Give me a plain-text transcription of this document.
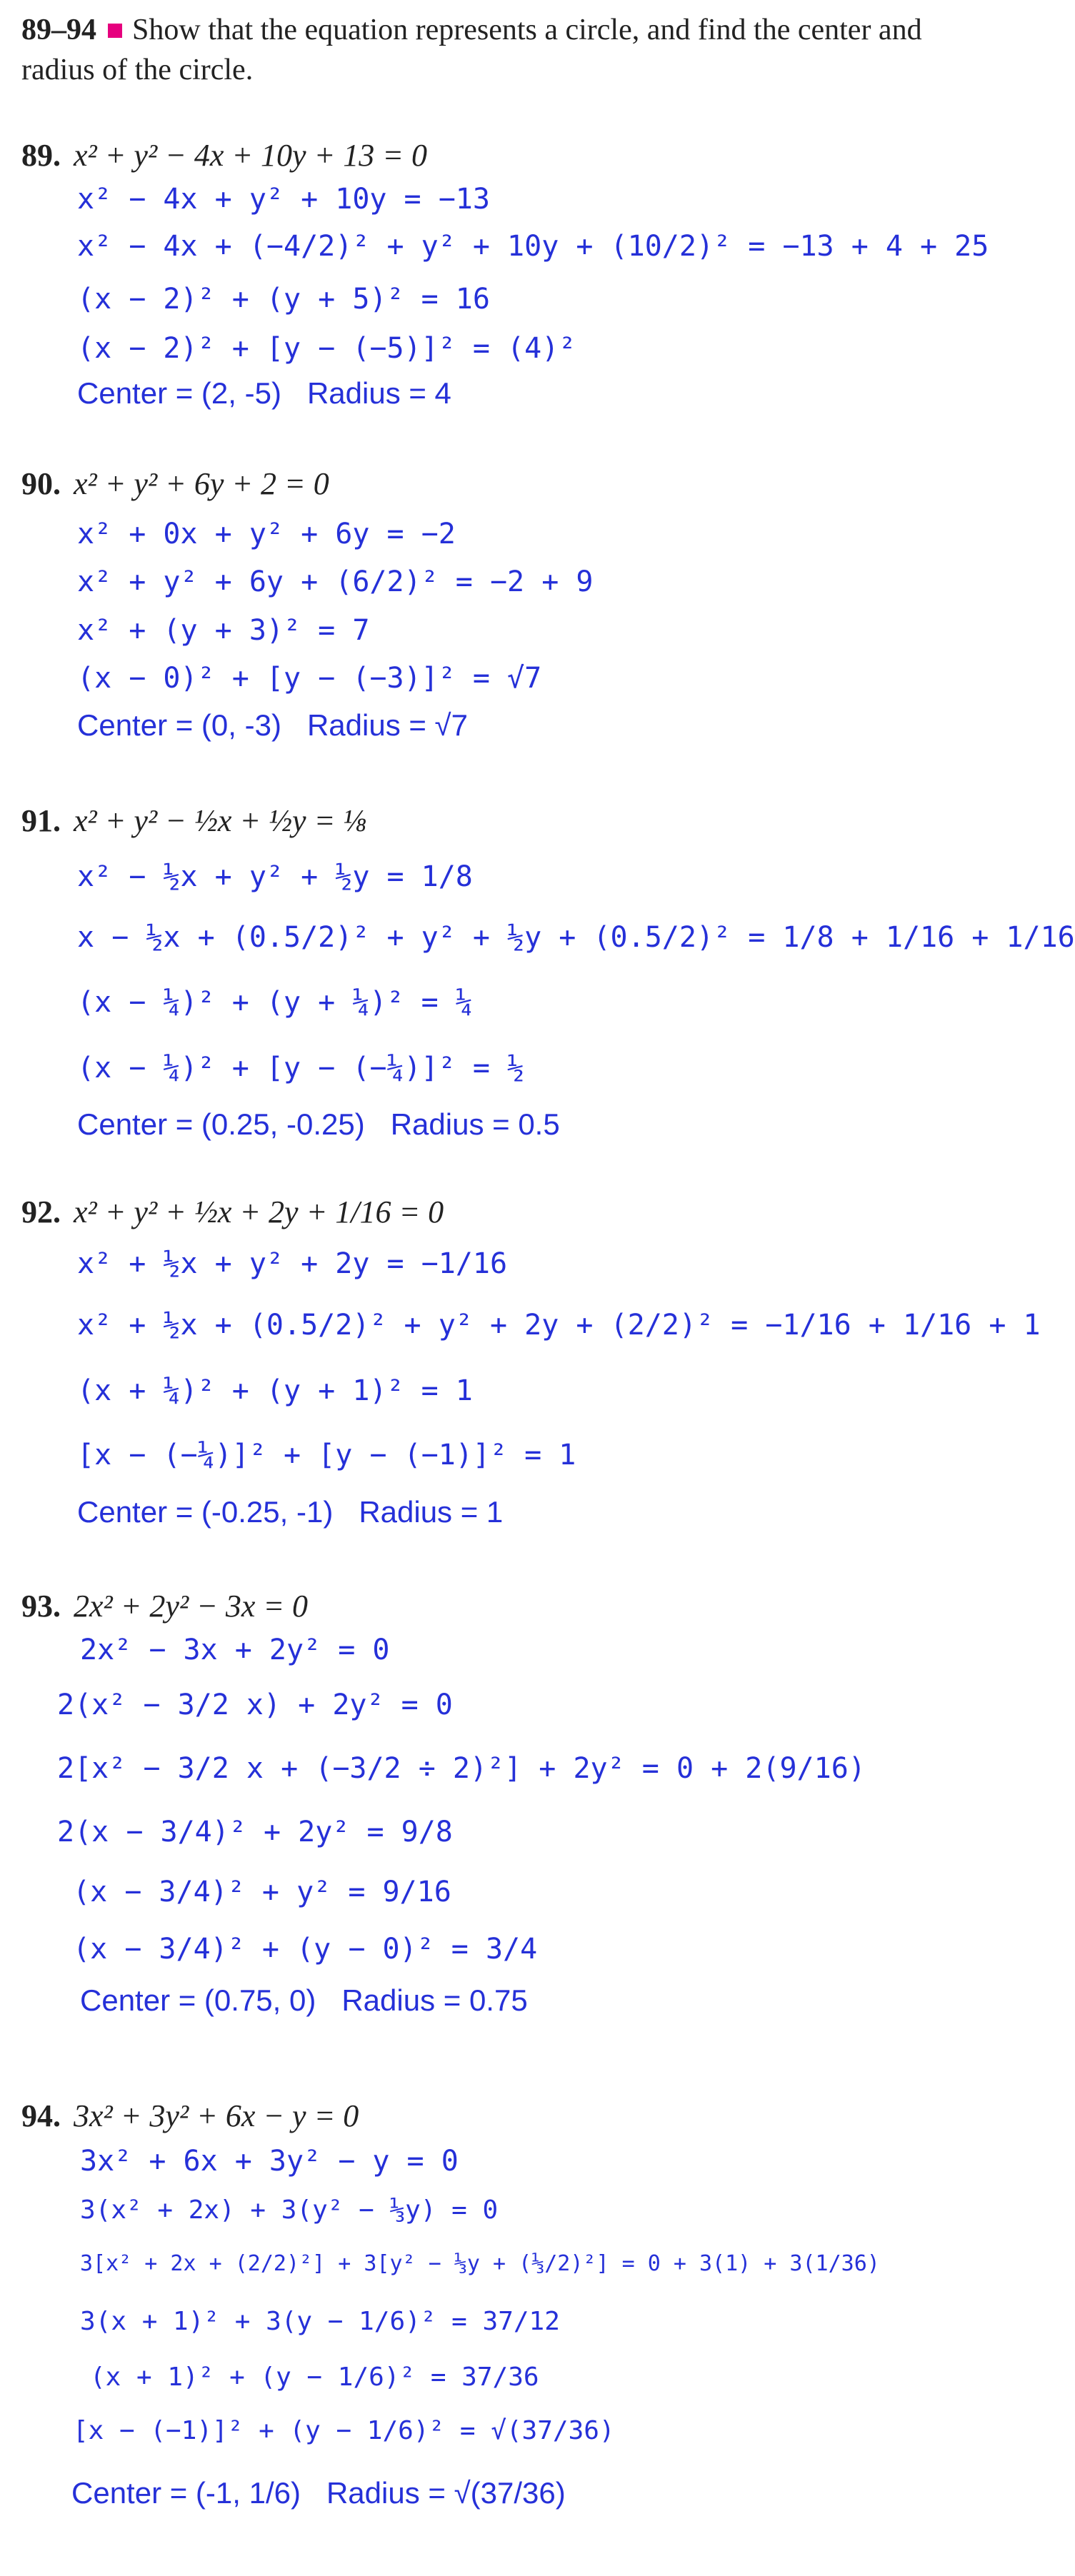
89–94 Show that the equation represents a circle, and find the center and radius of the circle.
89. x² + y² − 4x + 10y + 13 = 0
x² − 4x + y² + 10y = −13
x² − 4x + (−4/2)² + y² + 10y + (10/2)² = −13 + 4 + 25
(x − 2)² + (y + 5)² = 16
(x − 2)² + [y − (−5)]² = (4)²
Center = (2, -5) Radius = 4
90. x² + y² + 6y + 2 = 0
x² + 0x + y² + 6y = −2
x² + y² + 6y + (6/2)² = −2 + 9
x² + (y + 3)² = 7
(x − 0)² + [y − (−3)]² = √7
Center = (0, -3) Radius = √7
91. x² + y² − ½x + ½y = ⅛
x² − ½x + y² + ½y = 1/8
x − ½x + (0.5/2)² + y² + ½y + (0.5/2)² = 1/8 + 1/16 + 1/16
(x − ¼)² + (y + ¼)² = ¼
(x − ¼)² + [y − (−¼)]² = ½
Center = (0.25, -0.25) Radius = 0.5
92. x² + y² + ½x + 2y + 1/16 = 0
x² + ½x + y² + 2y = −1/16
x² + ½x + (0.5/2)² + y² + 2y + (2/2)² = −1/16 + 1/16 + 1
(x + ¼)² + (y + 1)² = 1
[x − (−¼)]² + [y − (−1)]² = 1
Center = (-0.25, -1) Radius = 1
93. 2x² + 2y² − 3x = 0
2x² − 3x + 2y² = 0
2(x² − 3/2 x) + 2y² = 0
2[x² − 3/2 x + (−3/2 ÷ 2)²] + 2y² = 0 + 2(9/16)
2(x − 3/4)² + 2y² = 9/8
(x − 3/4)² + y² = 9/16
(x − 3/4)² + (y − 0)² = 3/4
Center = (0.75, 0) Radius = 0.75
94. 3x² + 3y² + 6x − y = 0
3x² + 6x + 3y² − y = 0
3(x² + 2x) + 3(y² − ⅓y) = 0
3[x² + 2x + (2/2)²] + 3[y² − ⅓y + (⅓/2)²] = 0 + 3(1) + 3(1/36)
3(x + 1)² + 3(y − 1/6)² = 37/12
(x + 1)² + (y − 1/6)² = 37/36
[x − (−1)]² + (y − 1/6)² = √(37/36)
Center = (-1, 1/6) Radius = √(37/36)
